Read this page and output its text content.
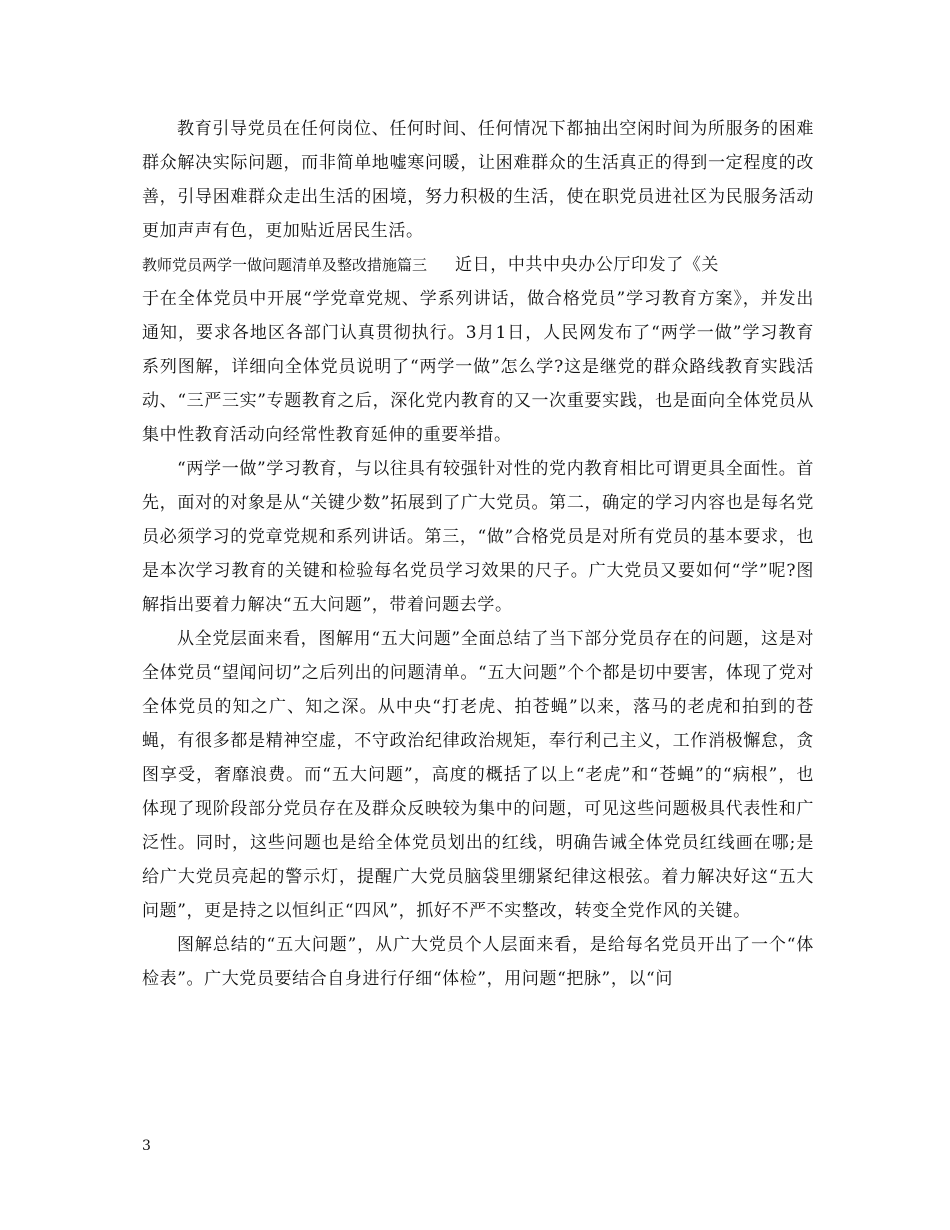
教育引导党员在任何岗位、任何时间、任何情况下都抽出空闲时间为所服务的困难群众解决实际问题，而非简单地嘘寒问暖，让困难群众的生活真正的得到一定程度的改善，引导困难群众走出生活的困境，努力积极的生活，使在职党员进社区为民服务活动更加声声有色，更加贴近居民生活。

教师党员两学一做问题清单及整改措施篇三 近日，中共中央办公厅印发了《关

于在全体党员中开展“学党章党规、学系列讲话，做合格党员”学习教育方案》，并发出通知，要求各地区各部门认真贯彻执行。3月1日，人民网发布了“两学一做”学习教育系列图解，详细向全体党员说明了“两学一做”怎么学?这是继党的群众路线教育实践活动、“三严三实”专题教育之后，深化党内教育的又一次重要实践，也是面向全体党员从集中性教育活动向经常性教育延伸的重要举措。

“两学一做”学习教育，与以往具有较强针对性的党内教育相比可谓更具全面性。首先，面对的对象是从“关键少数”拓展到了广大党员。第二，确定的学习内容也是每名党员必须学习的党章党规和系列讲话。第三，“做”合格党员是对所有党员的基本要求，也是本次学习教育的关键和检验每名党员学习效果的尺子。广大党员又要如何“学”呢?图解指出要着力解决“五大问题”，带着问题去学。

从全党层面来看，图解用“五大问题”全面总结了当下部分党员存在的问题，这是对全体党员“望闻问切”之后列出的问题清单。“五大问题”个个都是切中要害，体现了党对全体党员的知之广、知之深。从中央“打老虎、拍苍蝇”以来，落马的老虎和拍到的苍蝇，有很多都是精神空虚，不守政治纪律政治规矩，奉行利己主义，工作消极懈怠，贪图享受，奢靡浪费。而“五大问题”，高度的概括了以上“老虎”和“苍蝇”的“病根”，也体现了现阶段部分党员存在及群众反映较为集中的问题，可见这些问题极具代表性和广泛性。同时，这些问题也是给全体党员划出的红线，明确告诫全体党员红线画在哪;是给广大党员亮起的警示灯，提醒广大党员脑袋里绷紧纪律这根弦。着力解决好这“五大问题”，更是持之以恒纠正“四风”，抓好不严不实整改，转变全党作风的关键。

图解总结的“五大问题”，从广大党员个人层面来看，是给每名党员开出了一个“体检表”。广大党员要结合自身进行仔细“体检”，用问题“把脉”，以“问

3
